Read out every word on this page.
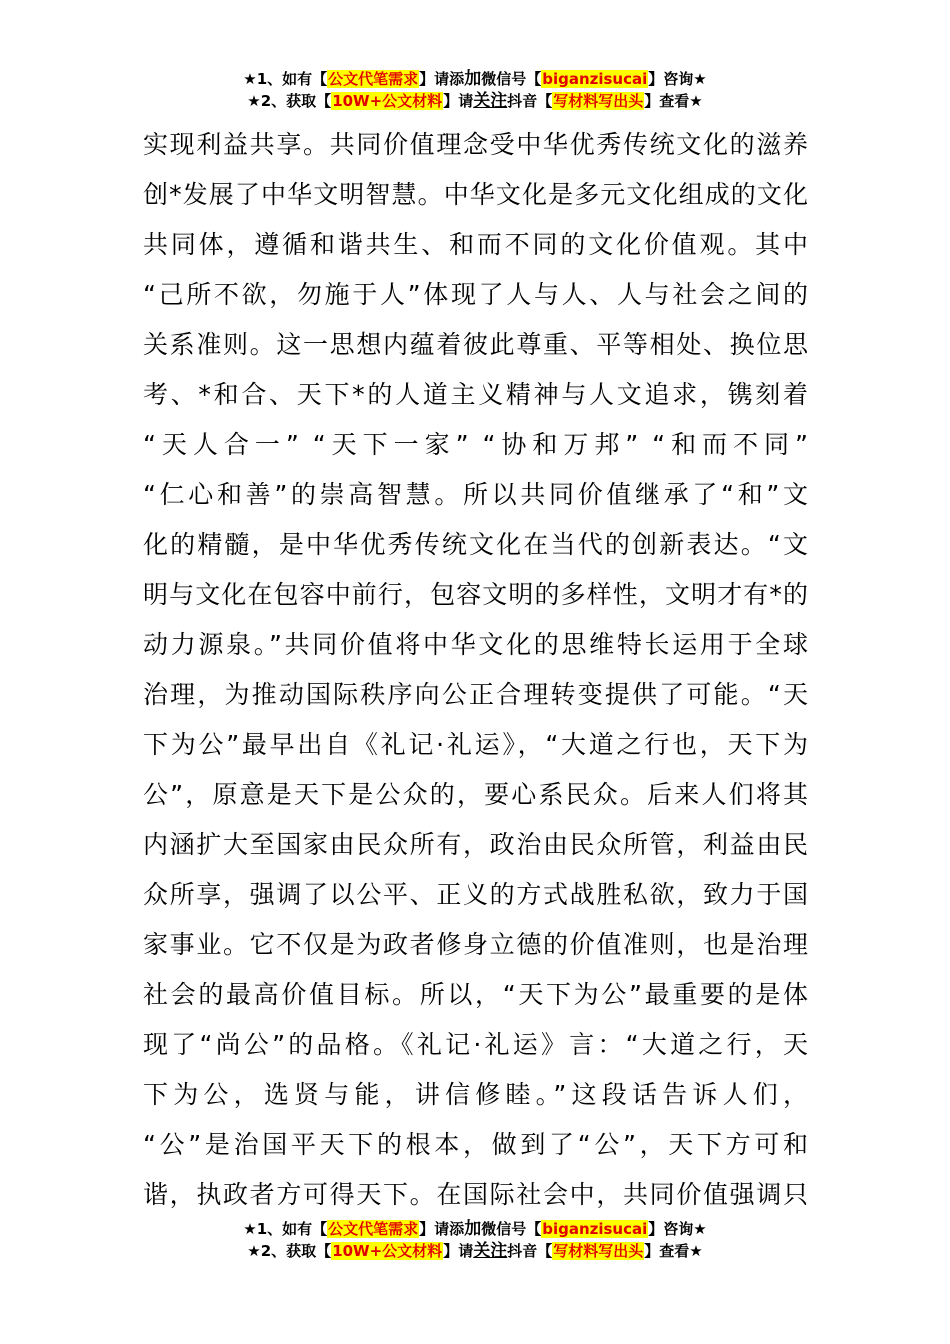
★1、如有【公文代笔需求】请添加微信号【biganzisucai】咨询★
★2、获取【10W+公文材料】请关注抖音【写材料写出头】查看★
实现利益共享。共同价值理念受中华优秀传统文化的滋养
创*发展了中华文明智慧。中华文化是多元文化组成的文化
共同体，遵循和谐共生、和而不同的文化价值观。其中
“己所不欲，勿施于人”体现了人与人、人与社会之间的
关系准则。这一思想内蕴着彼此尊重、平等相处、换位思
考、*和合、天下*的人道主义精神与人文追求，镌刻着
“天人合一” “天下一家” “协和万邦” “和而不同”
“仁心和善”的崇高智慧。所以共同价值继承了“和”文
化的精髓，是中华优秀传统文化在当代的创新表达。“文
明与文化在包容中前行，包容文明的多样性，文明才有*的
动力源泉。”共同价值将中华文化的思维特长运用于全球
治理，为推动国际秩序向公正合理转变提供了可能。“天
下为公”最早出自《礼记·礼运》，“大道之行也，天下为
公”，原意是天下是公众的，要心系民众。后来人们将其
内涵扩大至国家由民众所有，政治由民众所管，利益由民
众所享，强调了以公平、正义的方式战胜私欲，致力于国
家事业。它不仅是为政者修身立德的价值准则，也是治理
社会的最高价值目标。所以，“天下为公”最重要的是体
现了“尚公”的品格。《礼记·礼运》言：“大道之行，天
下为公，选贤与能，讲信修睦。”这段话告诉人们，
“公”是治国平天下的根本，做到了“公”，天下方可和
谐，执政者方可得天下。在国际社会中，共同价值强调只
★1、如有【公文代笔需求】请添加微信号【biganzisucai】咨询★
★2、获取【10W+公文材料】请关注抖音【写材料写出头】查看★
